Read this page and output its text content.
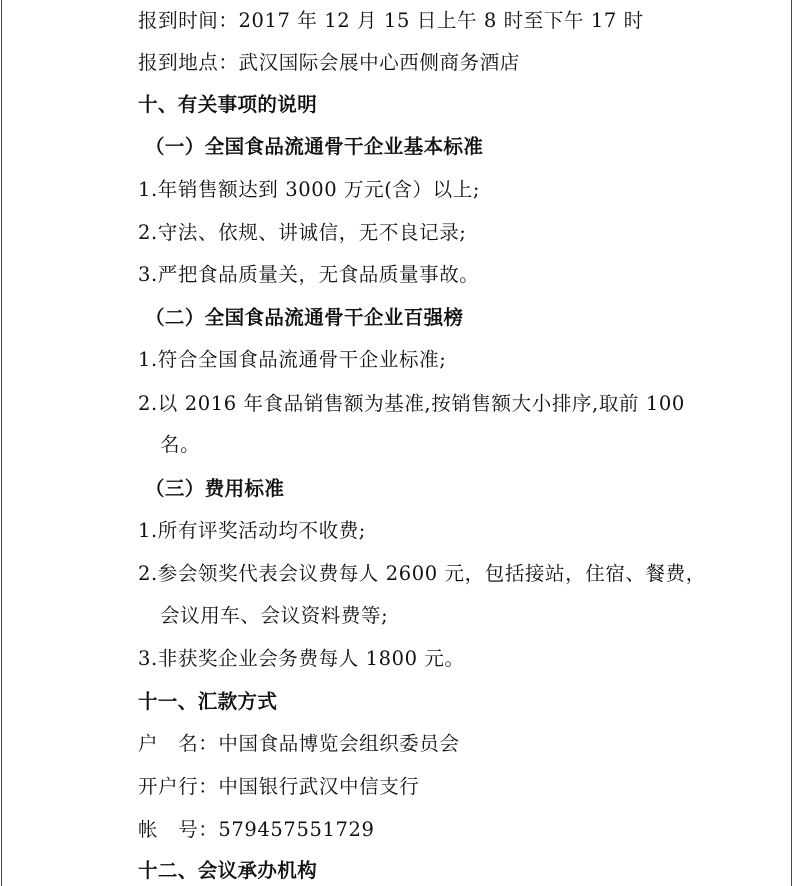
报到时间：2017 年 12 月 15 日上午 8 时至下午 17 时
报到地点：武汉国际会展中心西侧商务酒店
十、有关事项的说明
（一）全国食品流通骨干企业基本标准
1.年销售额达到 3000 万元(含）以上;
2.守法、依规、讲诚信，无不良记录;
3.严把食品质量关，无食品质量事故。
（二）全国食品流通骨干企业百强榜
1.符合全国食品流通骨干企业标准;
2.以 2016 年食品销售额为基准,按销售额大小排序,取前 100
名。
（三）费用标准
1.所有评奖活动均不收费;
2.参会领奖代表会议费每人 2600 元，包括接站，住宿、餐费，
会议用车、会议资料费等;
3.非获奖企业会务费每人 1800 元。
十一、汇款方式
户　名：中国食品博览会组织委员会
开户行：中国银行武汉中信支行
帐　号：579457551729
十二、会议承办机构
